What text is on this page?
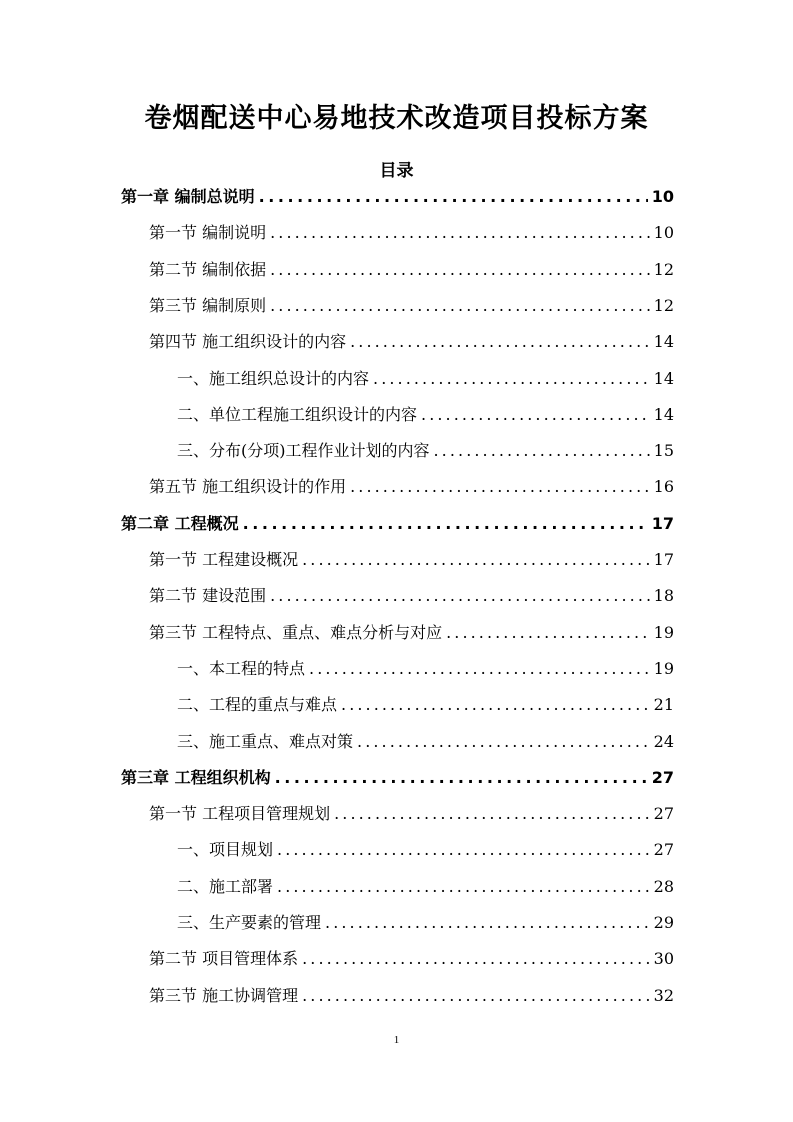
卷烟配送中心易地技术改造项目投标方案
目录
第一章 编制总说明 . . .	10
第一节 编制说明 . . .	10
第二节 编制依据 . . .	12
第三节 编制原则 . . .	12
第四节 施工组织设计的内容 . . .	14
一、施工组织总设计的内容 . . .	14
二、单位工程施工组织设计的内容 . . .	14
三、分布(分项)工程作业计划的内容 . . .	15
第五节 施工组织设计的作用 . . .	16
第二章 工程概况 . . .	17
第一节 工程建设概况 . . .	17
第二节 建设范围 . . .	18
第三节 工程特点、重点、难点分析与对应 . . .	19
一、本工程的特点 . . .	19
二、工程的重点与难点 . . .	21
三、施工重点、难点对策 . . .	24
第三章 工程组织机构 . . .	27
第一节 工程项目管理规划 . . .	27
一、项目规划 . . .	27
二、施工部署 . . .	28
三、生产要素的管理 . . .	29
第二节 项目管理体系 . . .	30
第三节 施工协调管理 . . .	32
1
